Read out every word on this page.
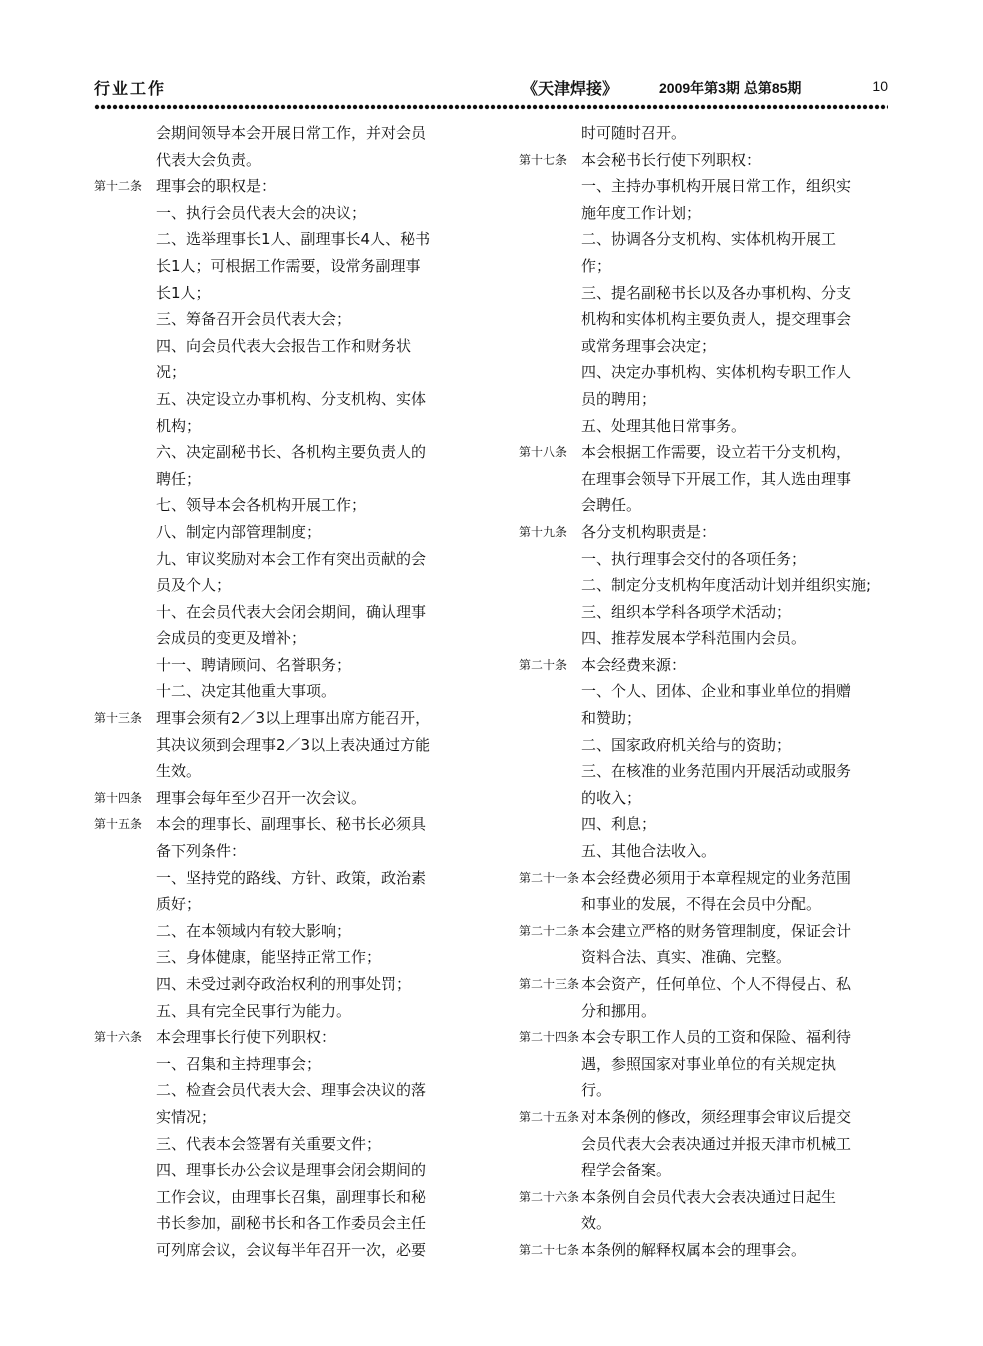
行业工作	《天津焊接》	2009年第3期 总第85期	10
会期间领导本会开展日常工作，并对会员
代表大会负责。
第十二条 理事会的职权是：
一、执行会员代表大会的决议；
二、选举理事长1人、副理事长4人、秘书
长1人；可根据工作需要，设常务副理事
长1人；
三、筹备召开会员代表大会；
四、向会员代表大会报告工作和财务状
况；
五、决定设立办事机构、分支机构、实体
机构；
六、决定副秘书长、各机构主要负责人的
聘任；
七、领导本会各机构开展工作；
八、制定内部管理制度；
九、审议奖励对本会工作有突出贡献的会
员及个人；
十、在会员代表大会闭会期间，确认理事
会成员的变更及增补；
十一、聘请顾问、名誉职务；
十二、决定其他重大事项。
第十三条 理事会须有2／3以上理事出席方能召开，
其决议须到会理事2／3以上表决通过方能
生效。
第十四条 理事会每年至少召开一次会议。
第十五条 本会的理事长、副理事长、秘书长必须具
备下列条件：
一、坚持党的路线、方针、政策，政治素
质好；
二、在本领域内有较大影响；
三、身体健康，能坚持正常工作；
四、未受过剥夺政治权利的刑事处罚；
五、具有完全民事行为能力。
第十六条 本会理事长行使下列职权：
一、召集和主持理事会；
二、检查会员代表大会、理事会决议的落
实情况；
三、代表本会签署有关重要文件；
四、理事长办公会议是理事会闭会期间的
工作会议，由理事长召集，副理事长和秘
书长参加，副秘书长和各工作委员会主任
可列席会议，会议每半年召开一次，必要
时可随时召开。
第十七条 本会秘书长行使下列职权：
一、主持办事机构开展日常工作，组织实
施年度工作计划；
二、协调各分支机构、实体机构开展工
作；
三、提名副秘书长以及各办事机构、分支
机构和实体机构主要负责人，提交理事会
或常务理事会决定；
四、决定办事机构、实体机构专职工作人
员的聘用；
五、处理其他日常事务。
第十八条 本会根据工作需要，设立若干分支机构，
在理事会领导下开展工作，其人选由理事
会聘任。
第十九条 各分支机构职责是：
一、执行理事会交付的各项任务；
二、制定分支机构年度活动计划并组织实施;
三、组织本学科各项学术活动；
四、推荐发展本学科范围内会员。
第二十条 本会经费来源：
一、个人、团体、企业和事业单位的捐赠
和赞助；
二、国家政府机关给与的资助；
三、在核准的业务范围内开展活动或服务
的收入；
四、利息；
五、其他合法收入。
第二十一条 本会经费必须用于本章程规定的业务范围
和事业的发展，不得在会员中分配。
第二十二条 本会建立严格的财务管理制度，保证会计
资料合法、真实、准确、完整。
第二十三条 本会资产，任何单位、个人不得侵占、私
分和挪用。
第二十四条 本会专职工作人员的工资和保险、福利待
遇，参照国家对事业单位的有关规定执
行。
第二十五条 对本条例的修改，须经理事会审议后提交
会员代表大会表决通过并报天津市机械工
程学会备案。
第二十六条 本条例自会员代表大会表决通过日起生
效。
第二十七条 本条例的解释权属本会的理事会。
